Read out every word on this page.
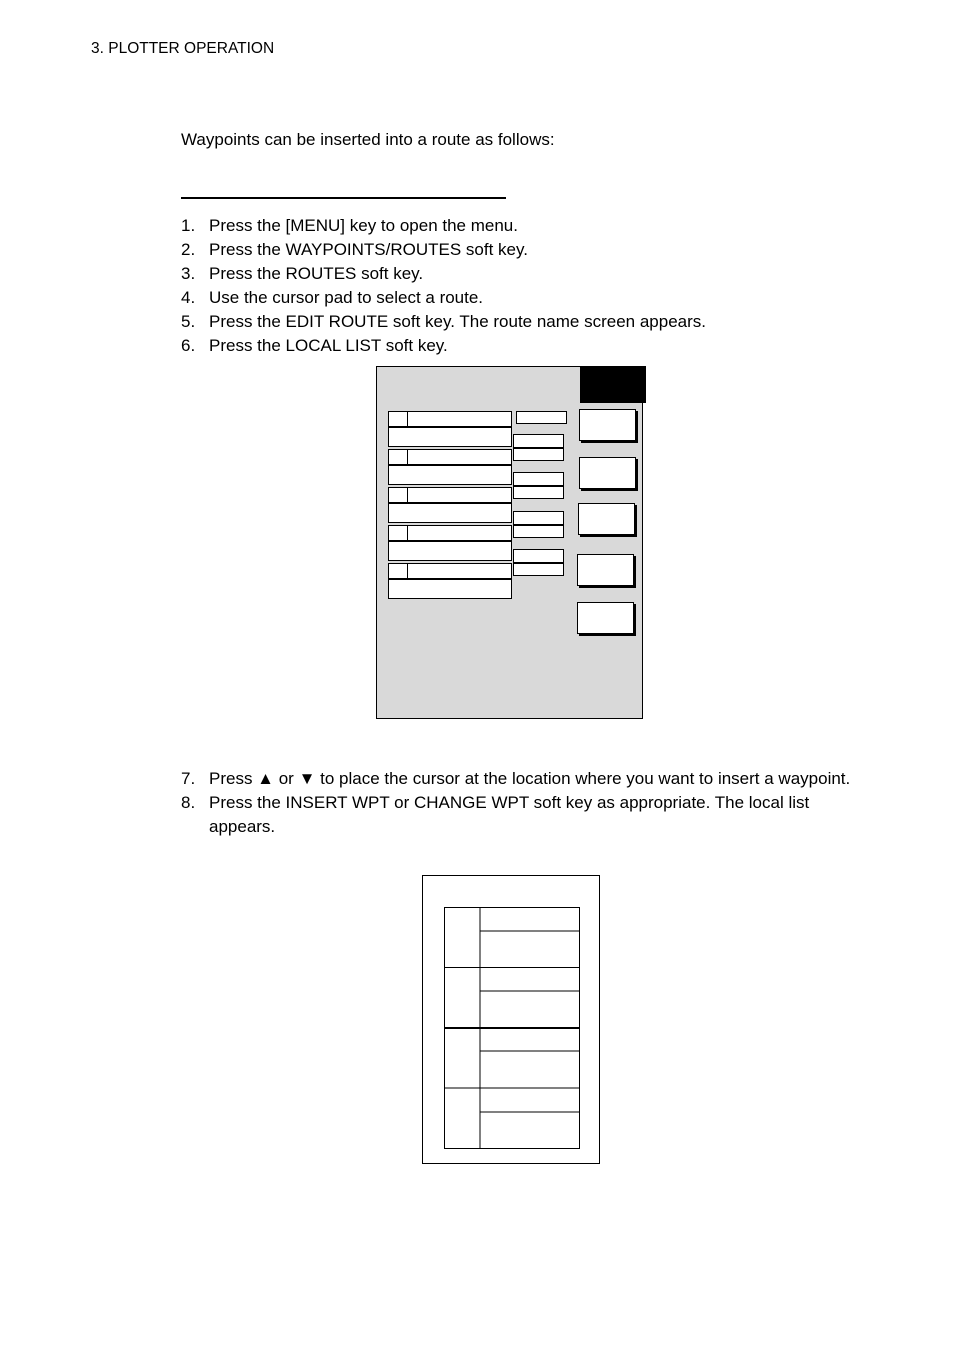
3. PLOTTER OPERATION
Waypoints can be inserted into a route as follows:
1. Press the [MENU] key to open the menu.
2. Press the WAYPOINTS/ROUTES soft key.
3. Press the ROUTES soft key.
4. Use the cursor pad to select a route.
5. Press the EDIT ROUTE soft key. The route name screen appears.
6. Press the LOCAL LIST soft key.
7. Press ▲ or ▼ to place the cursor at the location where you want to insert a waypoint.
8. Press the INSERT WPT or CHANGE WPT soft key as appropriate. The local list appears.
